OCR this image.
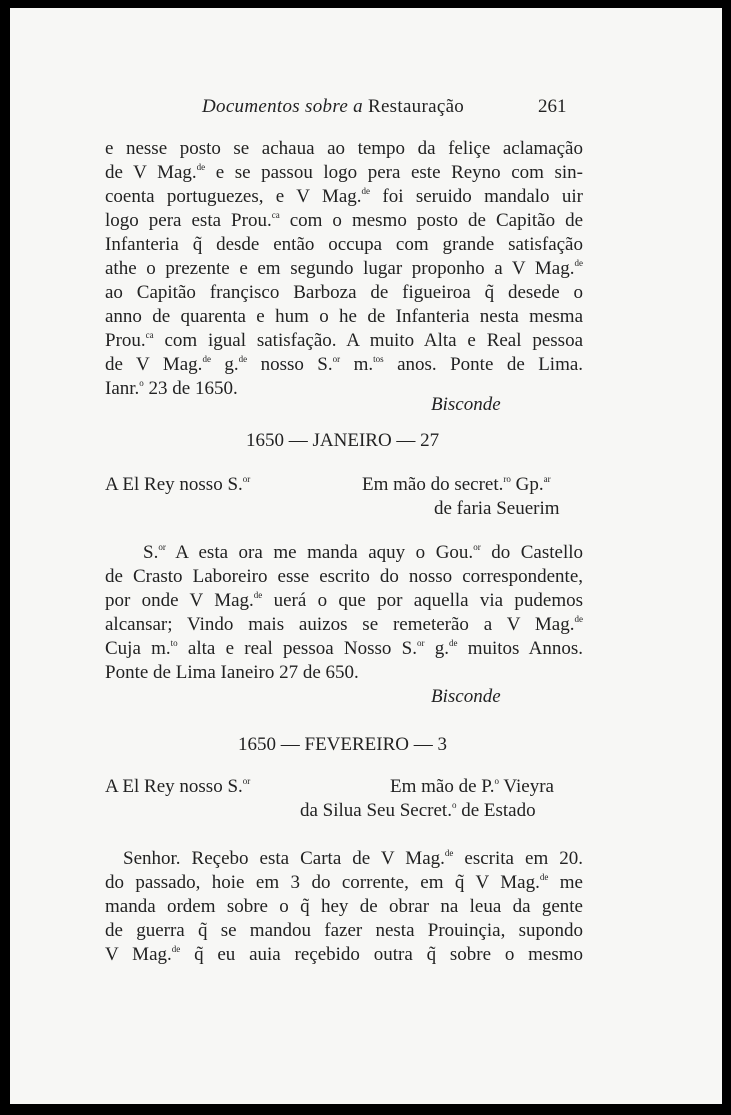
Documentos sobre a Restauração	261
e nesse posto se achaua ao tempo da feliçe aclamação
de V Mag.$^{de}$ e se passou logo pera este Reyno com sin-
coenta portuguezes, e V Mag.$^{de}$ foi seruido mandalo uir
logo pera esta Prou.$^{ca}$ com o mesmo posto de Capitão de
Infanteria q̃ desde então occupa com grande satisfação
athe o prezente e em segundo lugar proponho a V Mag.$^{de}$
ao Capitão françisco Barboza de figueiroa q̃ desede o
anno de quarenta e hum o he de Infanteria nesta mesma
Prou.$^{ca}$ com igual satisfação. A muito Alta e Real pessoa
de V Mag.$^{de}$ g.$^{de}$ nosso S.$^{or}$ m.$^{tos}$ anos. Ponte de Lima.
Ianr.$^o$ 23 de 1650.
Bisconde
1650 — JANEIRO — 27
A El Rey nosso S.$^{or}$	Em mão do secret.$^{ro}$ Gp.$^{ar}$
de faria Seuerim
S.$^{or}$ A esta ora me manda aquy o Gou.$^{or}$ do Castello
de Crasto Laboreiro esse escrito do nosso correspondente,
por onde V Mag.$^{de}$ uerá o que por aquella via pudemos
alcansar; Vindo mais auizos se remeterão a V Mag.$^{de}$
Cuja m.$^{to}$ alta e real pessoa Nosso S.$^{or}$ g.$^{de}$ muitos Annos.
Ponte de Lima Ianeiro 27 de 650.
Bisconde
1650 — FEVEREIRO — 3
A El Rey nosso S.$^{or}$	Em mão de P.$^o$ Vieyra
da Silua Seu Secret.$^o$ de Estado
Senhor. Reçebo esta Carta de V Mag.$^{de}$ escrita em 20.
do passado, hoie em 3 do corrente, em q̃ V Mag.$^{de}$ me
manda ordem sobre o q̃ hey de obrar na leua da gente
de guerra q̃ se mandou fazer nesta Prouinçia, supondo
V Mag.$^{de}$ q̃ eu auia reçebido outra q̃ sobre o mesmo
